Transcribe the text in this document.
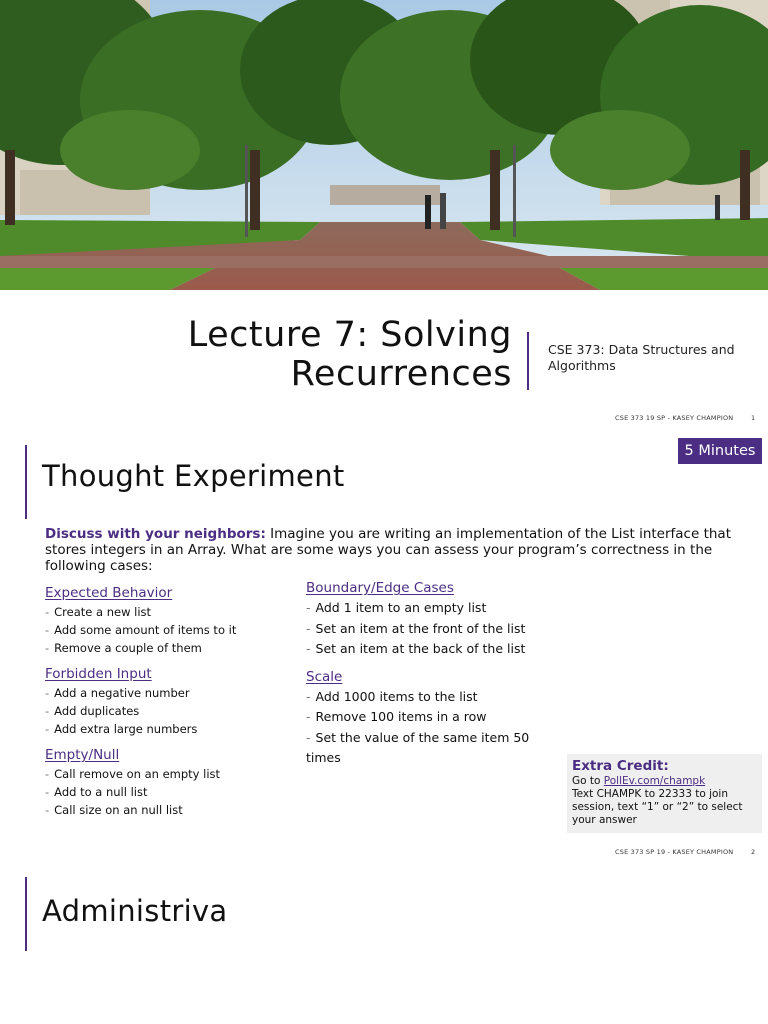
Lecture 7: Solving
Recurrences
CSE 373: Data Structures and Algorithms
CSE 373 19 SP - KASEY CHAMPION	1
Thought Experiment
5 Minutes
Discuss with your neighbors: Imagine you are writing an implementation of the List interface that stores integers in an Array. What are some ways you can assess your program’s correctness in the following cases:
Expected Behavior
- Create a new list
- Add some amount of items to it
- Remove a couple of them
Forbidden Input
- Add a negative number
- Add duplicates
- Add extra large numbers
Empty/Null
- Call remove on an empty list
- Add to a null list
- Call size on an null list
Boundary/Edge Cases
- Add 1 item to an empty list
- Set an item at the front of the list
- Set an item at the back of the list
Scale
- Add 1000 items to the list
- Remove 100 items in a row
- Set the value of the same item 50 times
Extra Credit:
Go to PollEv.com/champk
Text CHAMPK to 22333 to join session, text “1” or “2” to select your answer
CSE 373 SP 19 - KASEY CHAMPION	2
Administriva
